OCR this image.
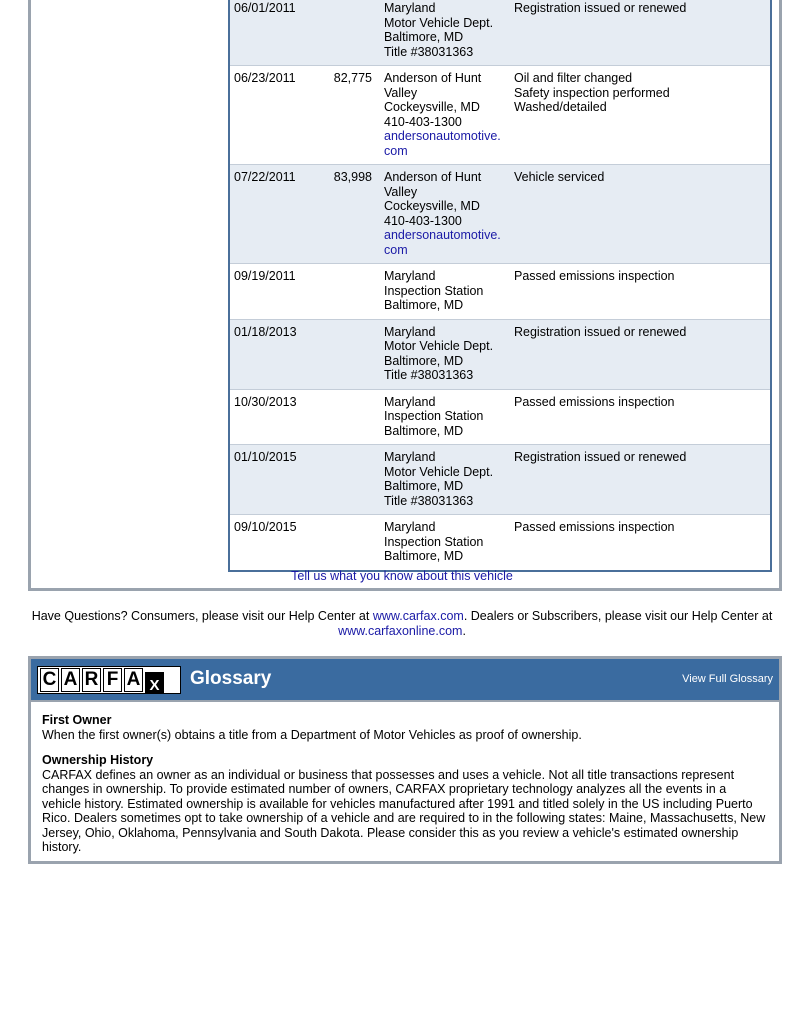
06/01/2011		Maryland
Motor Vehicle Dept.
Baltimore, MD
Title #38031363	Registration issued or renewed

06/23/2011	82,775	Anderson of Hunt Valley
Cockeysville, MD
410-403-1300
andersonautomotive.com	Oil and filter changed
Safety inspection performed
Washed/detailed

07/22/2011	83,998	Anderson of Hunt Valley
Cockeysville, MD
410-403-1300
andersonautomotive.com	Vehicle serviced

09/19/2011		Maryland
Inspection Station
Baltimore, MD	Passed emissions inspection

01/18/2013		Maryland
Motor Vehicle Dept.
Baltimore, MD
Title #38031363	Registration issued or renewed

10/30/2013		Maryland
Inspection Station
Baltimore, MD	Passed emissions inspection

01/10/2015		Maryland
Motor Vehicle Dept.
Baltimore, MD
Title #38031363	Registration issued or renewed

09/10/2015		Maryland
Inspection Station
Baltimore, MD	Passed emissions inspection
Tell us what you know about this vehicle
Have Questions? Consumers, please visit our Help Center at www.carfax.com. Dealers or Subscribers, please visit our Help Center at www.carfaxonline.com.
C A R F A X Glossary	View Full Glossary
First Owner
When the first owner(s) obtains a title from a Department of Motor Vehicles as proof of ownership.
Ownership History
CARFAX defines an owner as an individual or business that possesses and uses a vehicle. Not all title transactions represent changes in ownership. To provide estimated number of owners, CARFAX proprietary technology analyzes all the events in a vehicle history. Estimated ownership is available for vehicles manufactured after 1991 and titled solely in the US including Puerto Rico. Dealers sometimes opt to take ownership of a vehicle and are required to in the following states: Maine, Massachusetts, New Jersey, Ohio, Oklahoma, Pennsylvania and South Dakota. Please consider this as you review a vehicle's estimated ownership history.
